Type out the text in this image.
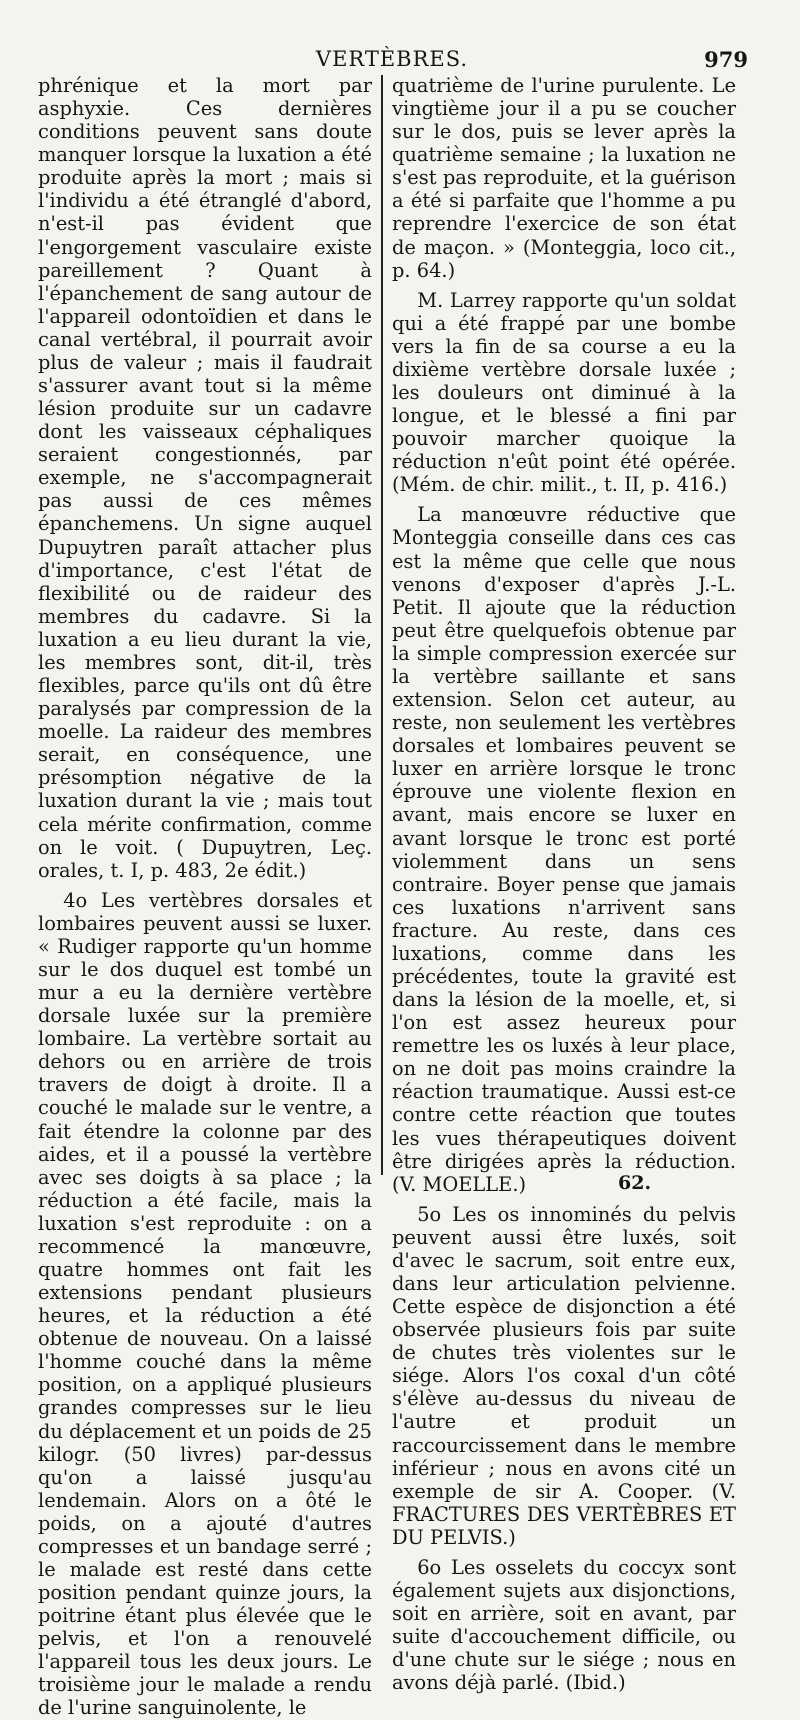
VERTÈBRES.	979

phrénique et la mort par asphyxie. Ces dernières conditions peuvent sans doute manquer lorsque la luxation a été produite après la mort ; mais si l'individu a été étranglé d'abord, n'est-il pas évident que l'engorgement vasculaire existe pareillement ? Quant à l'épanchement de sang autour de l'appareil odontoïdien et dans le canal vertébral, il pourrait avoir plus de valeur ; mais il faudrait s'assurer avant tout si la même lésion produite sur un cadavre dont les vaisseaux céphaliques seraient congestionnés, par exemple, ne s'accompagnerait pas aussi de ces mêmes épanchemens. Un signe auquel Dupuytren paraît attacher plus d'importance, c'est l'état de flexibilité ou de raideur des membres du cadavre. Si la luxation a eu lieu durant la vie, les membres sont, dit-il, très flexibles, parce qu'ils ont dû être paralysés par compression de la moelle. La raideur des membres serait, en conséquence, une présomption négative de la luxation durant la vie ; mais tout cela mérite confirmation, comme on le voit. ( Dupuytren, Leç. orales, t. I, p. 483, 2e édit.)

4o Les vertèbres dorsales et lombaires peuvent aussi se luxer. « Rudiger rapporte qu'un homme sur le dos duquel est tombé un mur a eu la dernière vertèbre dorsale luxée sur la première lombaire. La vertèbre sortait au dehors ou en arrière de trois travers de doigt à droite. Il a couché le malade sur le ventre, a fait étendre la colonne par des aides, et il a poussé la vertèbre avec ses doigts à sa place ; la réduction a été facile, mais la luxation s'est reproduite : on a recommencé la manœuvre, quatre hommes ont fait les extensions pendant plusieurs heures, et la réduction a été obtenue de nouveau. On a laissé l'homme couché dans la même position, on a appliqué plusieurs grandes compresses sur le lieu du déplacement et un poids de 25 kilogr. (50 livres) par-dessus qu'on a laissé jusqu'au lendemain. Alors on a ôté le poids, on a ajouté d'autres compresses et un bandage serré ; le malade est resté dans cette position pendant quinze jours, la poitrine étant plus élevée que le pelvis, et l'on a renouvelé l'appareil tous les deux jours. Le troisième jour le malade a rendu de l'urine sanguinolente, le

quatrième de l'urine purulente. Le vingtième jour il a pu se coucher sur le dos, puis se lever après la quatrième semaine ; la luxation ne s'est pas reproduite, et la guérison a été si parfaite que l'homme a pu reprendre l'exercice de son état de maçon. » (Monteggia, loco cit., p. 64.)

M. Larrey rapporte qu'un soldat qui a été frappé par une bombe vers la fin de sa course a eu la dixième vertèbre dorsale luxée ; les douleurs ont diminué à la longue, et le blessé a fini par pouvoir marcher quoique la réduction n'eût point été opérée. (Mém. de chir. milit., t. II, p. 416.)

La manœuvre réductive que Monteggia conseille dans ces cas est la même que celle que nous venons d'exposer d'après J.-L. Petit. Il ajoute que la réduction peut être quelquefois obtenue par la simple compression exercée sur la vertèbre saillante et sans extension. Selon cet auteur, au reste, non seulement les vertèbres dorsales et lombaires peuvent se luxer en arrière lorsque le tronc éprouve une violente flexion en avant, mais encore se luxer en avant lorsque le tronc est porté violemment dans un sens contraire. Boyer pense que jamais ces luxations n'arrivent sans fracture. Au reste, dans ces luxations, comme dans les précédentes, toute la gravité est dans la lésion de la moelle, et, si l'on est assez heureux pour remettre les os luxés à leur place, on ne doit pas moins craindre la réaction traumatique. Aussi est-ce contre cette réaction que toutes les vues thérapeutiques doivent être dirigées après la réduction. (V. MOELLE.)

5o Les os innominés du pelvis peuvent aussi être luxés, soit d'avec le sacrum, soit entre eux, dans leur articulation pelvienne. Cette espèce de disjonction a été observée plusieurs fois par suite de chutes très violentes sur le siége. Alors l'os coxal d'un côté s'élève au-dessus du niveau de l'autre et produit un raccourcissement dans le membre inférieur ; nous en avons cité un exemple de sir A. Cooper. (V. FRACTURES DES VERTÈBRES ET DU PELVIS.)

6o Les osselets du coccyx sont également sujets aux disjonctions, soit en arrière, soit en avant, par suite d'accouchement difficile, ou d'une chute sur le siége ; nous en avons déjà parlé. (Ibid.)

62.
